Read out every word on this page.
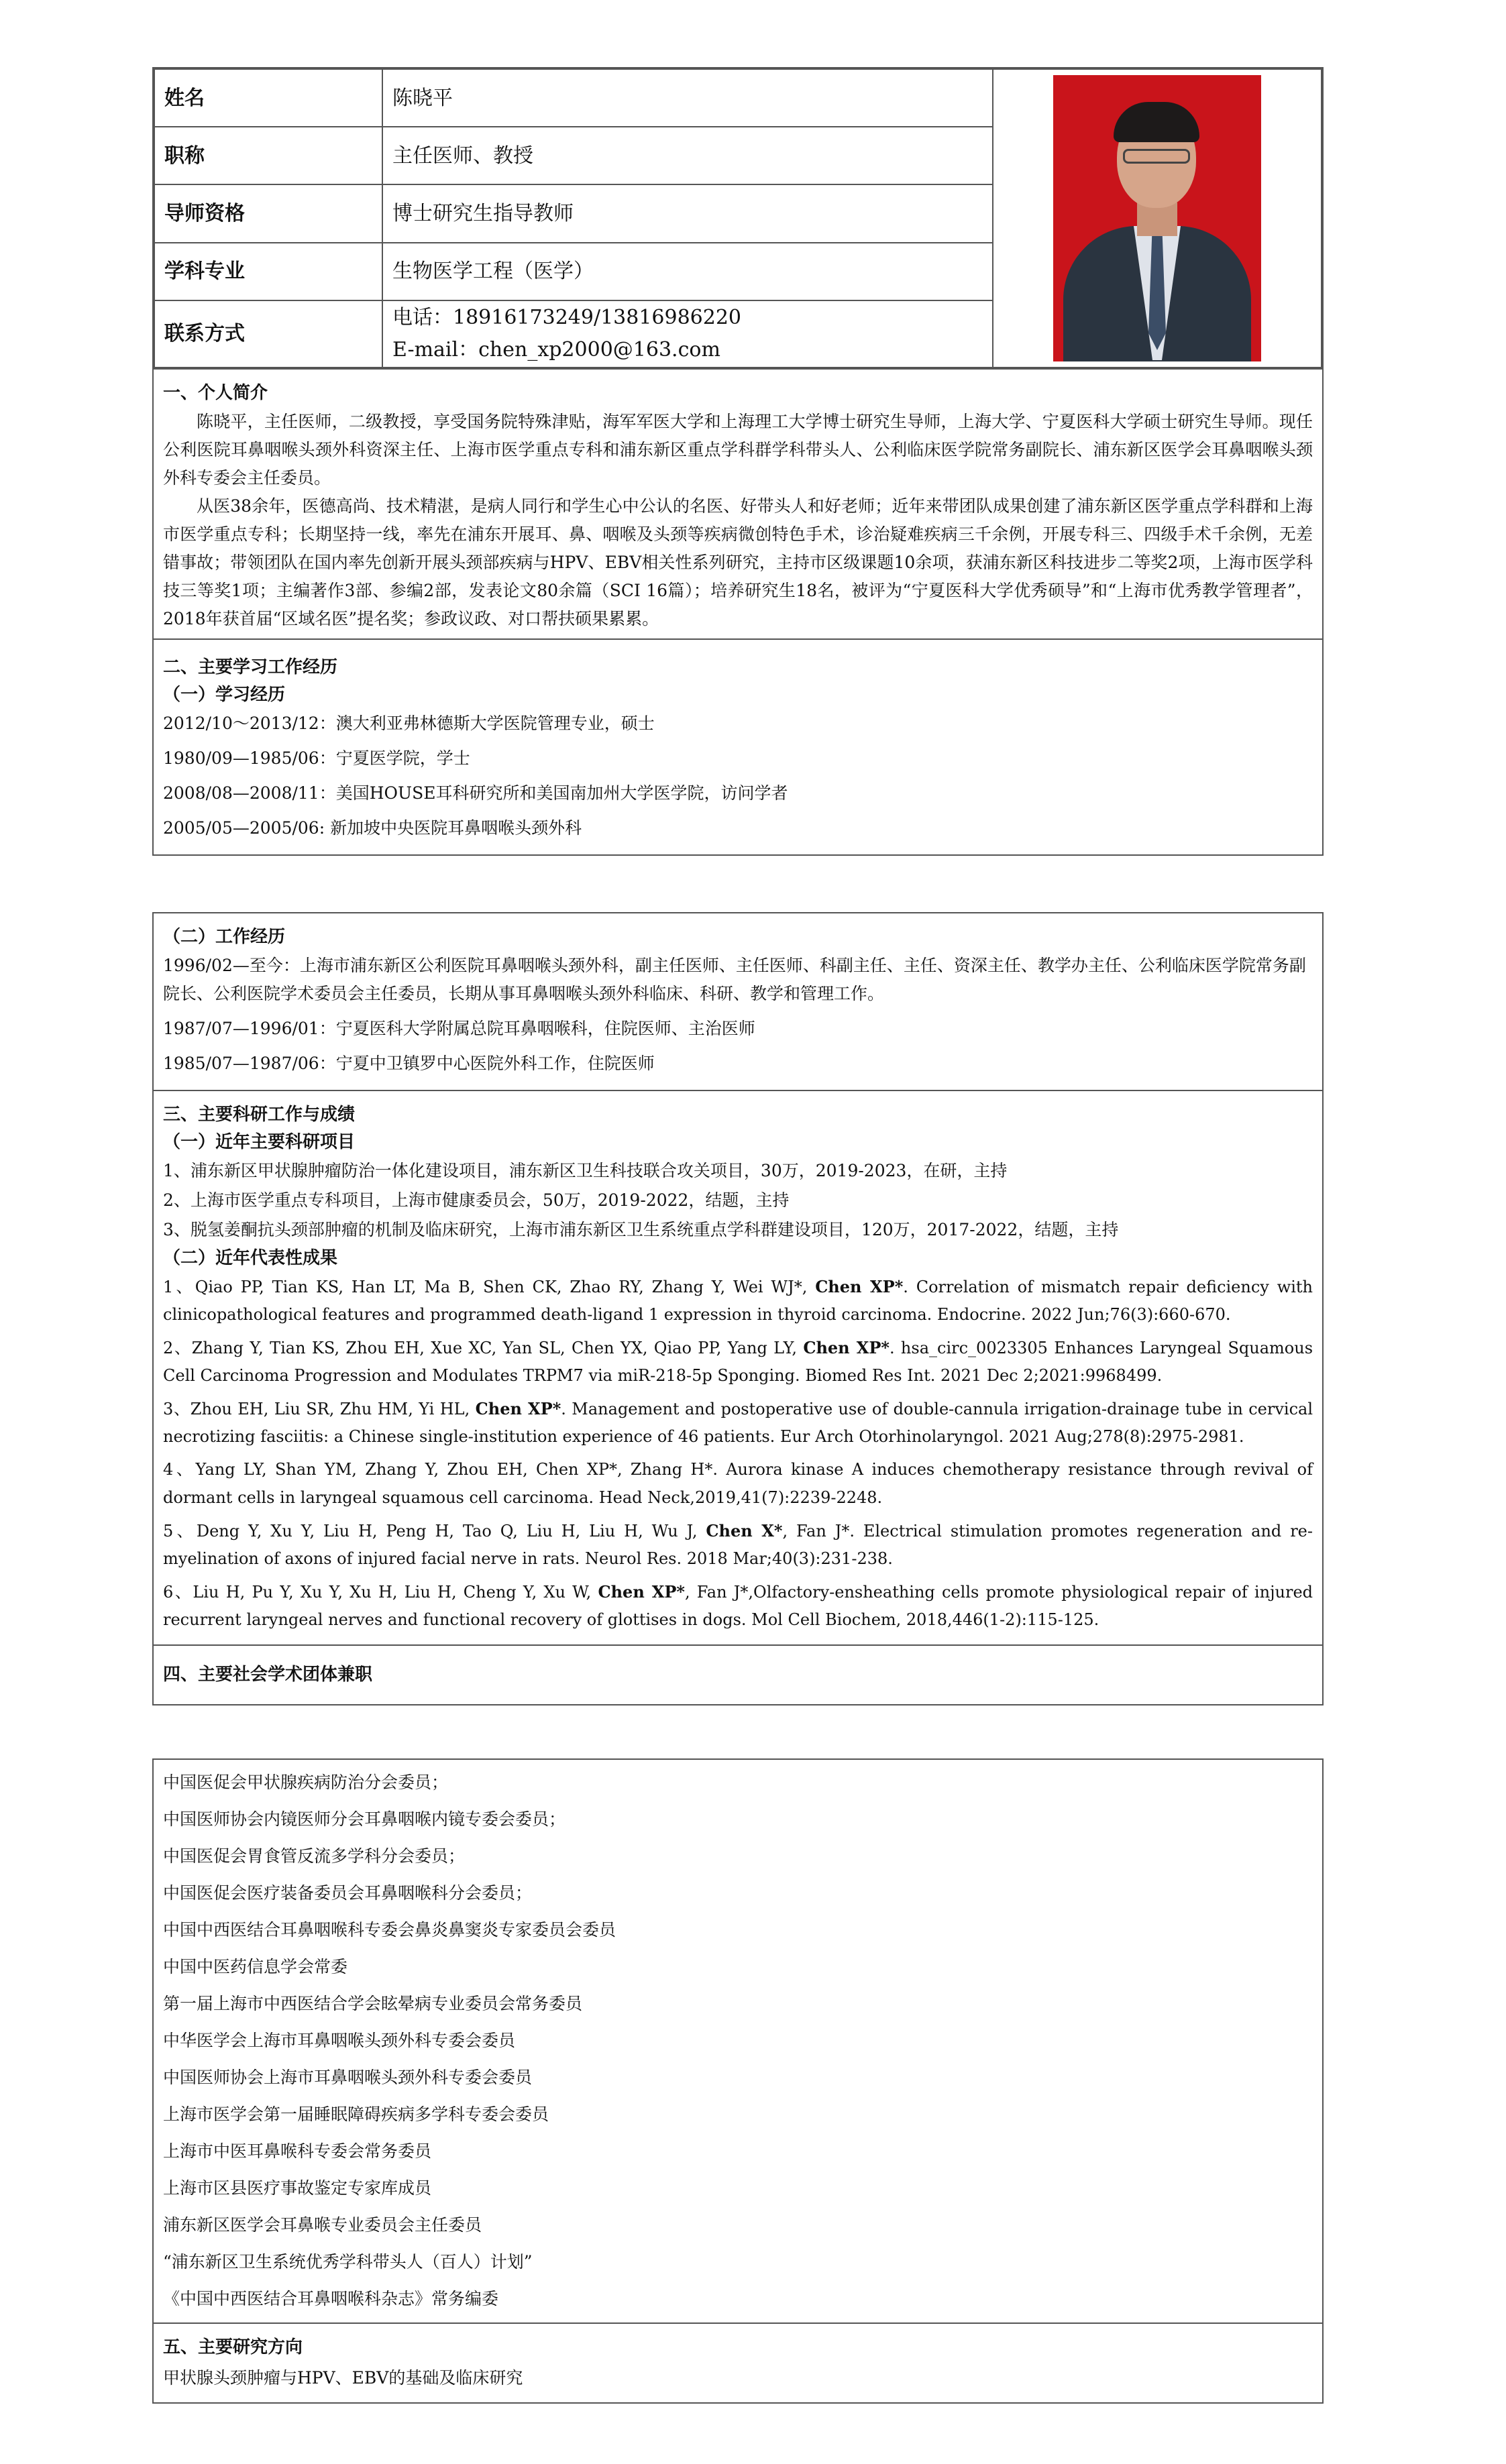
姓名	陈晓平	

职称	主任医师、教授	
导师资格	博士研究生指导教师	
学科专业	生物医学工程（医学）	
联系方式	电话：18916173249/13816986220
E-mail：chen_xp2000@163.com	
一、个人简介

陈晓平，主任医师，二级教授，享受国务院特殊津贴，海军军医大学和上海理工大学博士研究生导师，上海大学、宁夏医科大学硕士研究生导师。现任公利医院耳鼻咽喉头颈外科资深主任、上海市医学重点专科和浦东新区重点学科群学科带头人、公利临床医学院常务副院长、浦东新区医学会耳鼻咽喉头颈外科专委会主任委员。

从医38余年，医德高尚、技术精湛，是病人同行和学生心中公认的名医、好带头人和好老师；近年来带团队成果创建了浦东新区医学重点学科群和上海市医学重点专科；长期坚持一线，率先在浦东开展耳、鼻、咽喉及头颈等疾病微创特色手术，诊治疑难疾病三千余例，开展专科三、四级手术千余例，无差错事故；带领团队在国内率先创新开展头颈部疾病与HPV、EBV相关性系列研究，主持市区级课题10余项，获浦东新区科技进步二等奖2项，上海市医学科技三等奖1项；主编著作3部、参编2部，发表论文80余篇（SCI 16篇）；培养研究生18名，被评为“宁夏医科大学优秀硕导”和“上海市优秀教学管理者”，2018年获首届“区域名医”提名奖；参政议政、对口帮扶硕果累累。

二、主要学习工作经历
（一）学习经历
2012/10～2013/12：澳大利亚弗林德斯大学医院管理专业，硕士
1980/09—1985/06：宁夏医学院，学士
2008/08—2008/11：美国HOUSE耳科研究所和美国南加州大学医学院，访问学者
2005/05—2005/06: 新加坡中央医院耳鼻咽喉头颈外科
（二）工作经历
1996/02—至今：上海市浦东新区公利医院耳鼻咽喉头颈外科，副主任医师、主任医师、科副主任、主任、资深主任、教学办主任、公利临床医学院常务副院长、公利医院学术委员会主任委员，长期从事耳鼻咽喉头颈外科临床、科研、教学和管理工作。
1987/07—1996/01：宁夏医科大学附属总院耳鼻咽喉科，住院医师、主治医师
1985/07—1987/06：宁夏中卫镇罗中心医院外科工作，住院医师
三、主要科研工作与成绩
（一）近年主要科研项目
1、浦东新区甲状腺肿瘤防治一体化建设项目，浦东新区卫生科技联合攻关项目，30万，2019-2023，在研，主持
2、上海市医学重点专科项目，上海市健康委员会，50万，2019-2022，结题，主持
3、脱氢姜酮抗头颈部肿瘤的机制及临床研究，上海市浦东新区卫生系统重点学科群建设项目，120万，2017-2022，结题，主持
（二）近年代表性成果
1、Qiao PP, Tian KS, Han LT, Ma B, Shen CK, Zhao RY, Zhang Y, Wei WJ*, Chen XP*. Correlation of mismatch repair deficiency with clinicopathological features and programmed death-ligand 1 expression in thyroid carcinoma. Endocrine. 2022 Jun;76(3):660-670.
2、Zhang Y, Tian KS, Zhou EH, Xue XC, Yan SL, Chen YX, Qiao PP, Yang LY, Chen XP*. hsa_circ_0023305 Enhances Laryngeal Squamous Cell Carcinoma Progression and Modulates TRPM7 via miR-218-5p Sponging. Biomed Res Int. 2021 Dec 2;2021:9968499.
3、Zhou EH, Liu SR, Zhu HM, Yi HL, Chen XP*. Management and postoperative use of double-cannula irrigation-drainage tube in cervical necrotizing fasciitis: a Chinese single-institution experience of 46 patients. Eur Arch Otorhinolaryngol. 2021 Aug;278(8):2975-2981.
4、Yang LY, Shan YM, Zhang Y, Zhou EH, Chen XP*, Zhang H*. Aurora kinase A induces chemotherapy resistance through revival of dormant cells in laryngeal squamous cell carcinoma. Head Neck,2019,41(7):2239-2248.
5、Deng Y, Xu Y, Liu H, Peng H, Tao Q, Liu H, Liu H, Wu J, Chen X*, Fan J*. Electrical stimulation promotes regeneration and re-myelination of axons of injured facial nerve in rats. Neurol Res. 2018 Mar;40(3):231-238.
6、Liu H, Pu Y, Xu Y, Xu H, Liu H, Cheng Y, Xu W, Chen XP*, Fan J*,Olfactory-ensheathing cells promote physiological repair of injured recurrent laryngeal nerves and functional recovery of glottises in dogs. Mol Cell Biochem, 2018,446(1-2):115-125.
四、主要社会学术团体兼职
中国医促会甲状腺疾病防治分会委员；
中国医师协会内镜医师分会耳鼻咽喉内镜专委会委员；
中国医促会胃食管反流多学科分会委员；
中国医促会医疗装备委员会耳鼻咽喉科分会委员；
中国中西医结合耳鼻咽喉科专委会鼻炎鼻窦炎专家委员会委员
中国中医药信息学会常委
第一届上海市中西医结合学会眩晕病专业委员会常务委员
中华医学会上海市耳鼻咽喉头颈外科专委会委员
中国医师协会上海市耳鼻咽喉头颈外科专委会委员
上海市医学会第一届睡眠障碍疾病多学科专委会委员
上海市中医耳鼻喉科专委会常务委员
上海市区县医疗事故鉴定专家库成员
浦东新区医学会耳鼻喉专业委员会主任委员
“浦东新区卫生系统优秀学科带头人（百人）计划”
《中国中西医结合耳鼻咽喉科杂志》常务编委
五、主要研究方向
甲状腺头颈肿瘤与HPV、EBV的基础及临床研究
